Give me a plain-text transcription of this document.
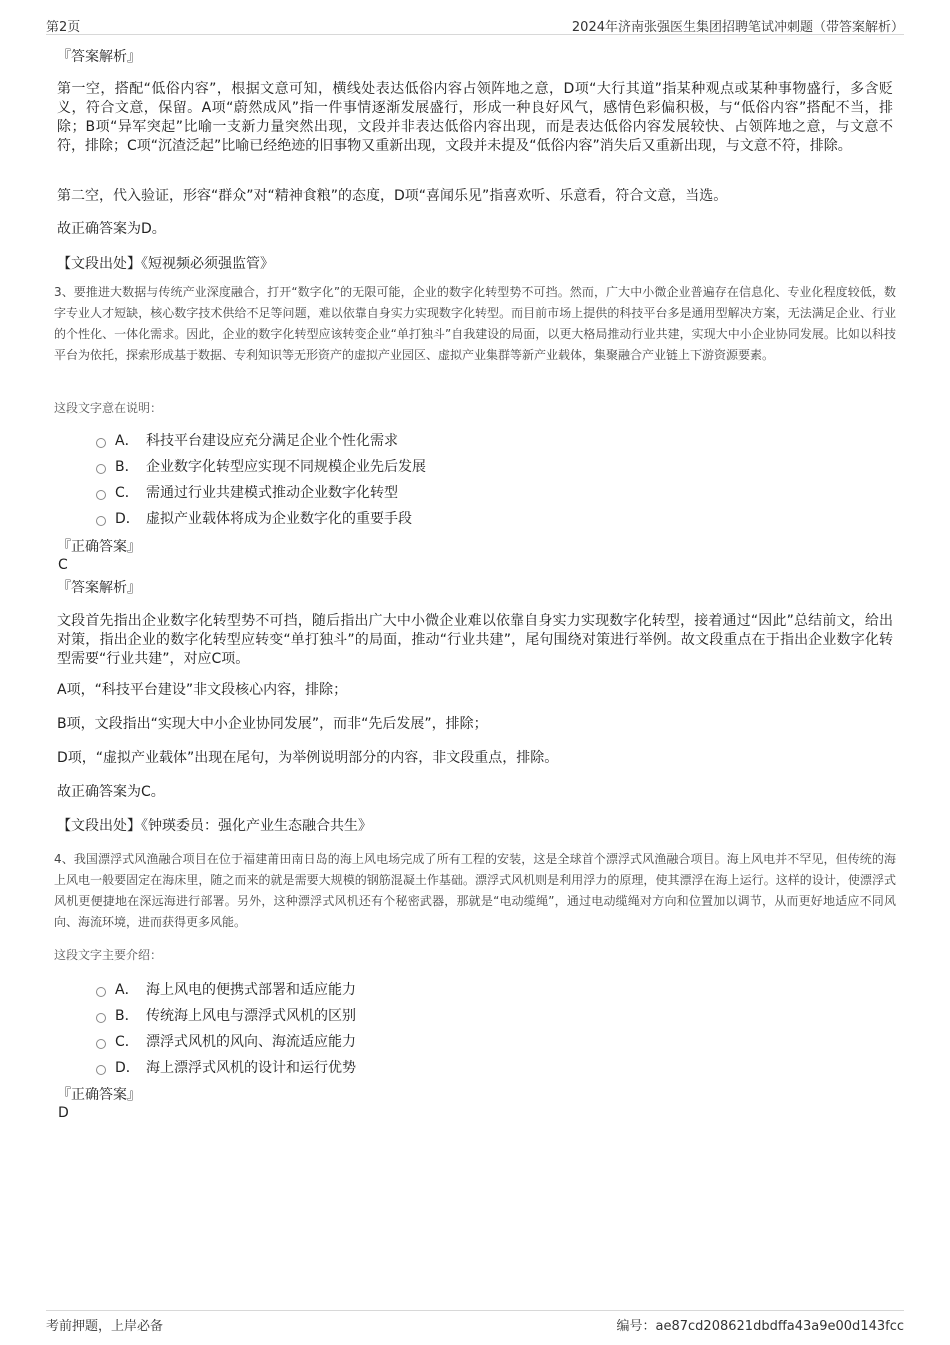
第2页	2024年济南张强医生集团招聘笔试冲刺题（带答案解析）
『答案解析』
第一空，搭配“低俗内容”，根据文意可知，横线处表达低俗内容占领阵地之意，D项“大行其道”指某种观点或某种事物盛行，多含贬义，符合文意，保留。A项“蔚然成风”指一件事情逐渐发展盛行，形成一种良好风气，感情色彩偏积极，与“低俗内容”搭配不当，排除；B项“异军突起”比喻一支新力量突然出现，文段并非表达低俗内容出现，而是表达低俗内容发展较快、占领阵地之意，与文意不符，排除；C项“沉渣泛起”比喻已经绝迹的旧事物又重新出现，文段并未提及“低俗内容”消失后又重新出现，与文意不符，排除。
第二空，代入验证，形容“群众”对“精神食粮”的态度，D项“喜闻乐见”指喜欢听、乐意看，符合文意，当选。
故正确答案为D。
【文段出处】《短视频必须强监管》
3、要推进大数据与传统产业深度融合，打开“数字化”的无限可能，企业的数字化转型势不可挡。然而，广大中小微企业普遍存在信息化、专业化程度较低，数字专业人才短缺，核心数字技术供给不足等问题，难以依靠自身实力实现数字化转型。而目前市场上提供的科技平台多是通用型解决方案，无法满足企业、行业的个性化、一体化需求。因此，企业的数字化转型应该转变企业“单打独斗”自我建设的局面，以更大格局推动行业共建，实现大中小企业协同发展。比如以科技平台为依托，探索形成基于数据、专利知识等无形资产的虚拟产业园区、虚拟产业集群等新产业载体，集聚融合产业链上下游资源要素。
这段文字意在说明：
A． 科技平台建设应充分满足企业个性化需求
B． 企业数字化转型应实现不同规模企业先后发展
C． 需通过行业共建模式推动企业数字化转型
D． 虚拟产业载体将成为企业数字化的重要手段
『正确答案』
C
『答案解析』
文段首先指出企业数字化转型势不可挡，随后指出广大中小微企业难以依靠自身实力实现数字化转型，接着通过“因此”总结前文，给出对策，指出企业的数字化转型应转变“单打独斗”的局面，推动“行业共建”，尾句围绕对策进行举例。故文段重点在于指出企业数字化转型需要“行业共建”，对应C项。
A项，“科技平台建设”非文段核心内容，排除；
B项，文段指出“实现大中小企业协同发展”，而非“先后发展”，排除；
D项，“虚拟产业载体”出现在尾句，为举例说明部分的内容，非文段重点，排除。
故正确答案为C。
【文段出处】《钟瑛委员：强化产业生态融合共生》
4、我国漂浮式风渔融合项目在位于福建莆田南日岛的海上风电场完成了所有工程的安装，这是全球首个漂浮式风渔融合项目。海上风电并不罕见，但传统的海上风电一般要固定在海床里，随之而来的就是需要大规模的钢筋混凝土作基础。漂浮式风机则是利用浮力的原理，使其漂浮在海上运行。这样的设计，使漂浮式风机更便捷地在深远海进行部署。另外，这种漂浮式风机还有个秘密武器，那就是“电动缆绳”，通过电动缆绳对方向和位置加以调节，从而更好地适应不同风向、海流环境，进而获得更多风能。
这段文字主要介绍：
A． 海上风电的便携式部署和适应能力
B． 传统海上风电与漂浮式风机的区别
C． 漂浮式风机的风向、海流适应能力
D． 海上漂浮式风机的设计和运行优势
『正确答案』
D
考前押题，上岸必备	编号：ae87cd208621dbdffa43a9e00d143fcc
